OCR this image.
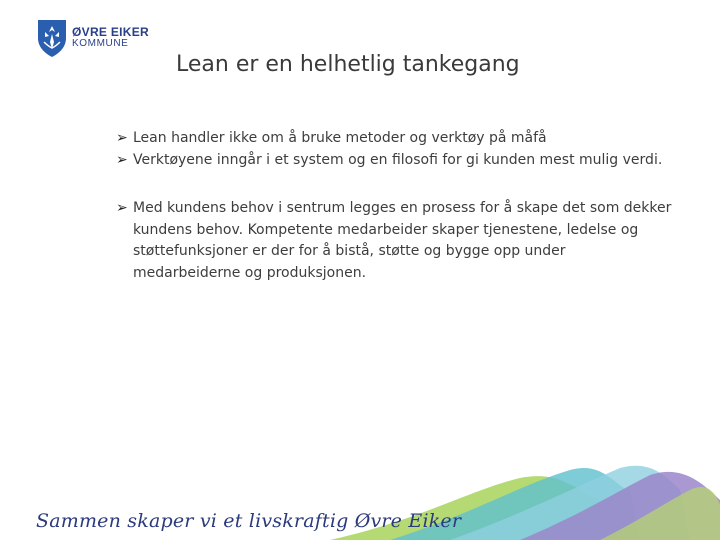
ØVRE EIKER
KOMMUNE
Lean er en helhetlig tankegang

➢ Lean handler ikke om å bruke metoder og verktøy på måfå

➢ Verktøyene inngår i et system og en filosofi for gi kunden mest mulig verdi.

➢ Med kundens behov i sentrum legges en prosess for å skape det som dekker kundens behov. Kompetente medarbeider skaper tjenestene, ledelse og støttefunksjoner er der for å bistå, støtte og bygge opp under medarbeiderne og produksjonen.

Sammen skaper vi et livskraftig Øvre Eiker
